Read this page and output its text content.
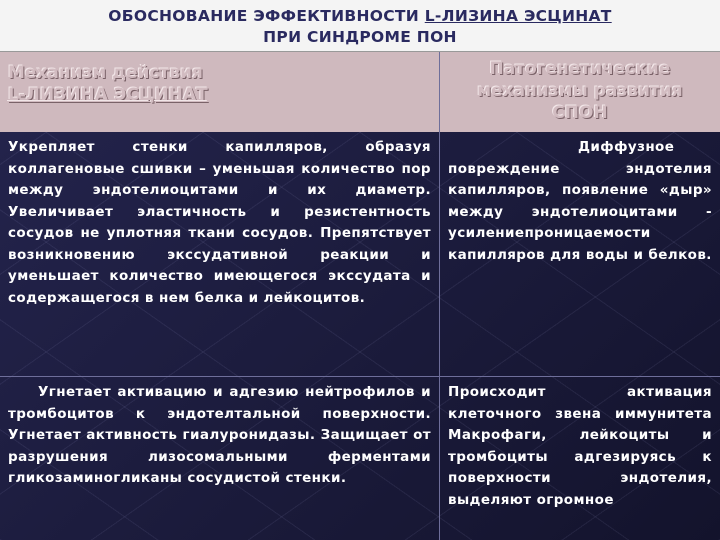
ОБОСНОВАНИЕ ЭФФЕКТИВНОСТИ L-ЛИЗИНА ЭСЦИНАТ
ПРИ СИНДРОМЕ ПОН
Механизм действия
L-ЛИЗИНА ЭСЦИНАТ
Патогенетические механизмы развития СПОН
Укрепляет стенки капилляров, образуя коллагеновые сшивки – уменьшая количество пор между эндотелиоцитами и их диаметр. Увеличивает эластичность и резистентность сосудов не уплотняя ткани сосудов. Препятствует возникновению экссудативной реакции и уменьшает количество имеющегося экссудата и содержащегося в нем белка и лейкоцитов.
Диффузное повреждение эндотелия капилляров, появление «дыр» между эндотелиоцитами - усилениепроницаемости капилляров для воды и белков.
Угнетает активацию и адгезию нейтрофилов и тромбоцитов к эндотелтальной поверхности. Угнетает активность гиалуронидазы. Защищает от разрушения лизосомальными ферментами гликозаминогликаны сосудистой стенки.
Происходит активация клеточного звена иммунитета Макрофаги, лейкоциты и тромбоциты адгезируясь к поверхности эндотелия, выделяют огромное
